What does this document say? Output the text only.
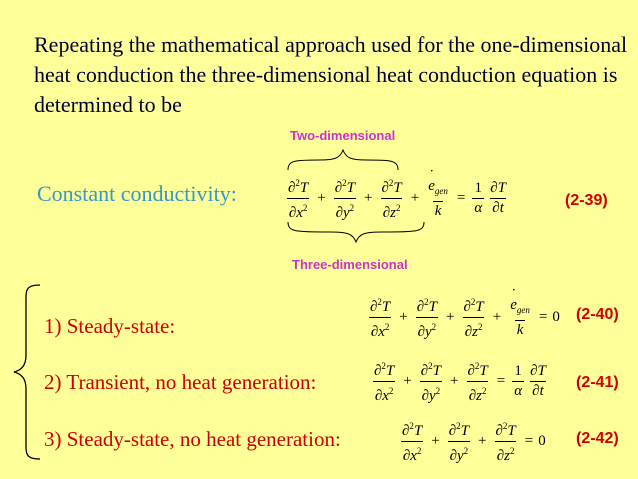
Repeating the mathematical approach used for the one-dimensional heat conduction the three-dimensional heat conduction equation is determined to be

Two-dimensional
Three-dimensional
Constant conductivity:	$\frac{\partial^2T}{\partial x^2} + \frac{\partial^2T}{\partial y^2} + \frac{\partial^2T}{\partial z^2}$ + ˙ $\frac{e_{gen}}{k} = \frac{1}{\alpha} \frac{\partial T}{\partial t}$	(2-39)
1) Steady-state:	$\frac{\partial^2T}{\partial x^2} + \frac{\partial^2T}{\partial y^2} + \frac{\partial^2T}{\partial z^2}$ + ˙ $\frac{e_{gen}}{k} = 0$ (2-40)
2) Transient, no heat generation:	$\frac{\partial^2T}{\partial x^2} + \frac{\partial^2T}{\partial y^2} + \frac{\partial^2T}{\partial z^2} = \frac{1}{\alpha} \frac{\partial T}{\partial t} (2-41)$
3) Steady-state, no heat generation:	$\frac{\partial^2T}{\partial x^2} + \frac{\partial^2T}{\partial y^2} + \frac{\partial^2T}{\partial z^2} = 0$ (2-42)
